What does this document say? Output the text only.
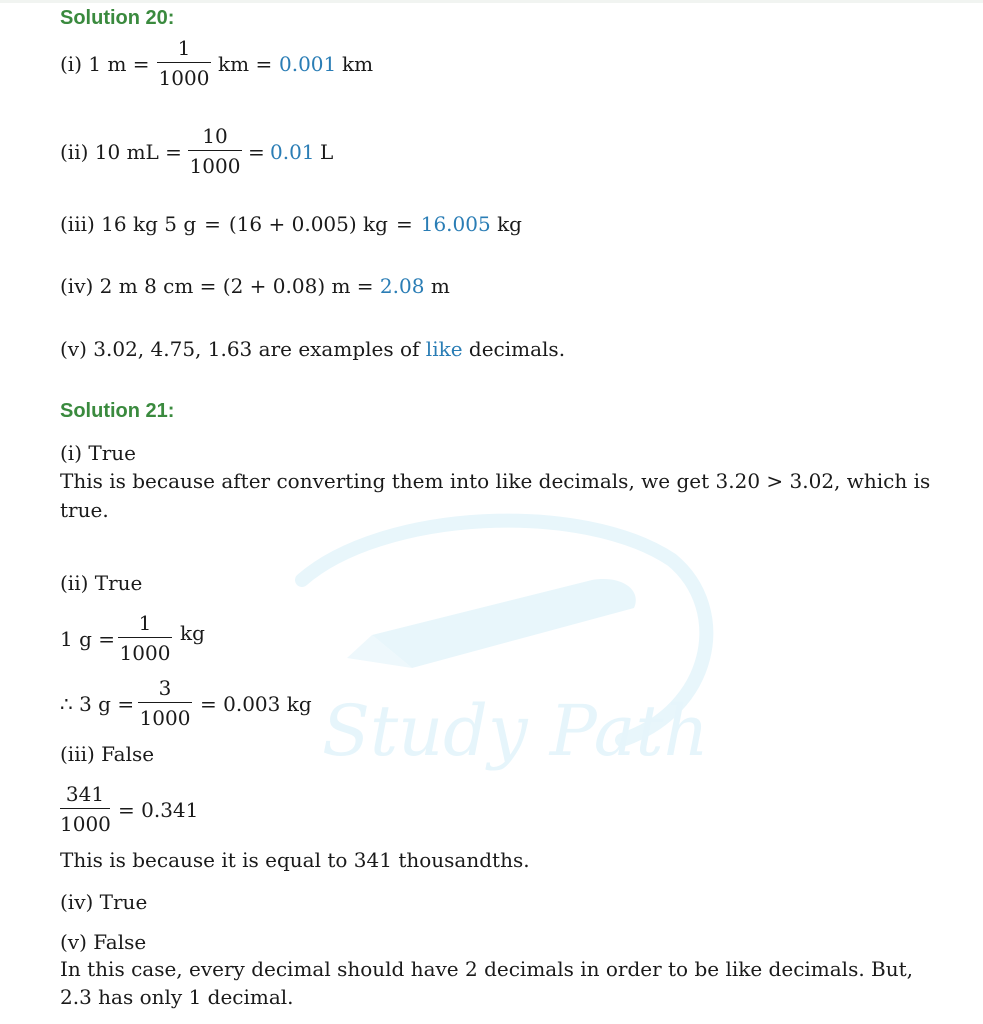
Study Path
Solution 20:
(i) 1 m =
1
1000
km = 0.001 km
(ii) 10 mL =
10
1000
= 0.01 L
(iii) 16 kg 5 g = (16 + 0.005) kg = 16.005 kg
(iv) 2 m 8 cm = (2 + 0.08) m = 2.08 m
(v) 3.02, 4.75, 1.63 are examples of like decimals.
Solution 21:
(i) True
This is because after converting them into like decimals, we get 3.20 > 3.02, which is true.
(ii) True
1 g =
1
1000
kg
∴ 3 g =
3
1000
= 0.003 kg
(iii) False
341
1000
= 0.341
This is because it is equal to 341 thousandths.
(iv) True
(v) False
In this case, every decimal should have 2 decimals in order to be like decimals. But, 2.3 has only 1 decimal.
